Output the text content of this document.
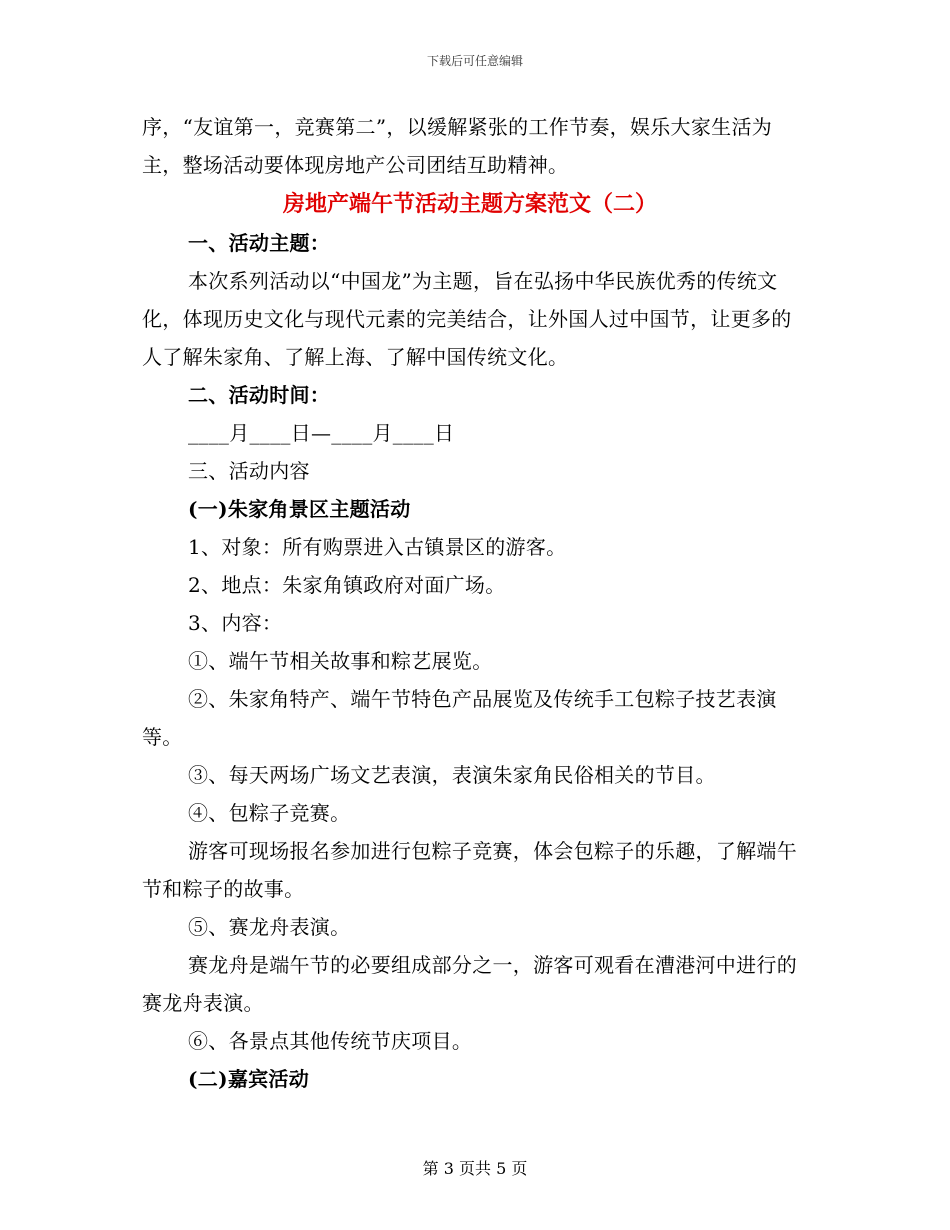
下载后可任意编辑

序，“友谊第一，竞赛第二”，以缓解紧张的工作节奏，娱乐大家生活为主，整场活动要体现房地产公司团结互助精神。

房地产端午节活动主题方案范文（二）

一、活动主题：

本次系列活动以“中国龙”为主题，旨在弘扬中华民族优秀的传统文化，体现历史文化与现代元素的完美结合，让外国人过中国节，让更多的人了解朱家角、了解上海、了解中国传统文化。

二、活动时间：

____月____日—____月____日

三、活动内容

(一)朱家角景区主题活动

1、对象：所有购票进入古镇景区的游客。

2、地点：朱家角镇政府对面广场。

3、内容：

①、端午节相关故事和粽艺展览。

②、朱家角特产、端午节特色产品展览及传统手工包粽子技艺表演等。

③、每天两场广场文艺表演，表演朱家角民俗相关的节目。

④、包粽子竞赛。

游客可现场报名参加进行包粽子竞赛，体会包粽子的乐趣，了解端午节和粽子的故事。

⑤、赛龙舟表演。

赛龙舟是端午节的必要组成部分之一，游客可观看在漕港河中进行的赛龙舟表演。

⑥、各景点其他传统节庆项目。

(二)嘉宾活动

第 3 页共 5 页
